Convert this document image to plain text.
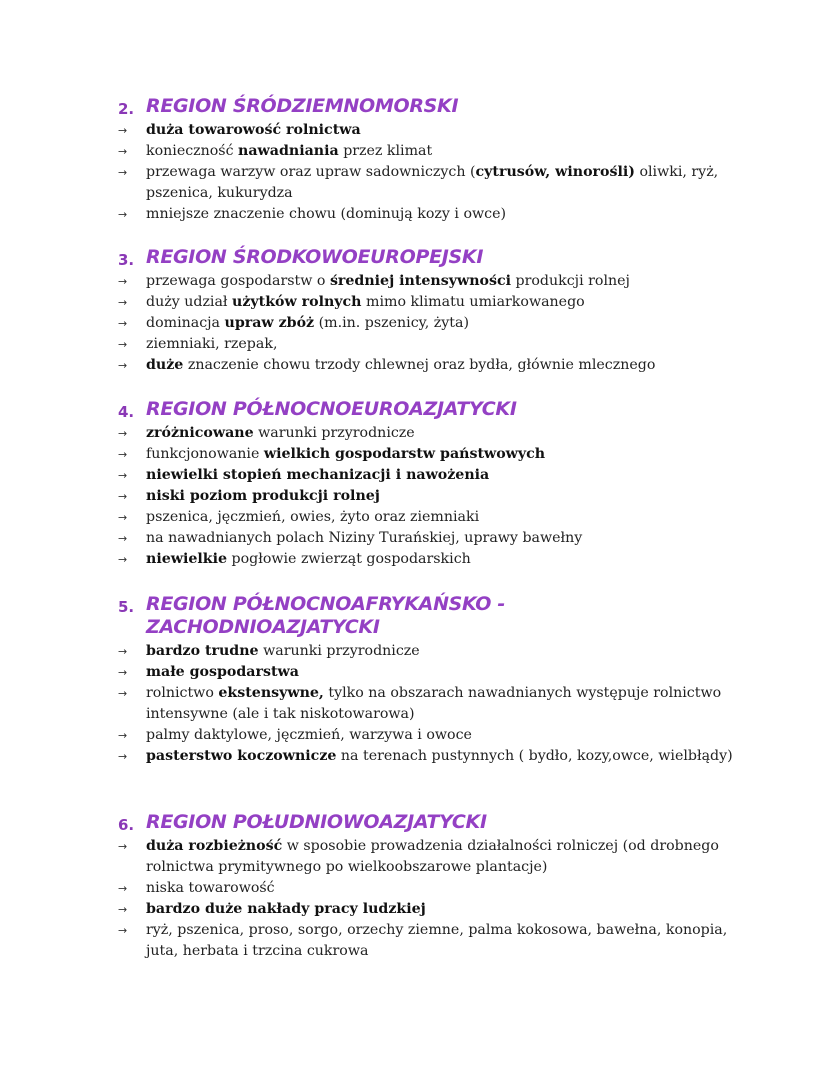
2. REGION ŚRÓDZIEMNOMORSKI
→	duża towarowość rolnictwa
→	konieczność nawadniania przez klimat
→	przewaga warzyw oraz upraw sadowniczych (cytrusów, winorośli) oliwki, ryż, pszenica, kukurydza
→	mniejsze znaczenie chowu (dominują kozy i owce)
3. REGION ŚRODKOWOEUROPEJSKI
→	przewaga gospodarstw o średniej intensywności produkcji rolnej
→	duży udział użytków rolnych mimo klimatu umiarkowanego
→	dominacja upraw zbóż (m.in. pszenicy, żyta)
→	ziemniaki, rzepak,
→	duże znaczenie chowu trzody chlewnej oraz bydła, głównie mlecznego
4. REGION PÓŁNOCNOEUROAZJATYCKI
→	zróżnicowane warunki przyrodnicze
→	funkcjonowanie wielkich gospodarstw państwowych
→	niewielki stopień mechanizacji i nawożenia
→	niski poziom produkcji rolnej
→	pszenica, jęczmień, owies, żyto oraz ziemniaki
→	na nawadnianych polach Niziny Turańskiej, uprawy bawełny
→	niewielkie pogłowie zwierząt gospodarskich
5. REGION PÓŁNOCNOAFRYKAŃSKO - ZACHODNIOAZJATYCKI
→	bardzo trudne warunki przyrodnicze
→	małe gospodarstwa
→	rolnictwo ekstensywne, tylko na obszarach nawadnianych występuje rolnictwo intensywne (ale i tak niskotowarowa)
→	palmy daktylowe, jęczmień, warzywa i owoce
→	pasterstwo koczownicze na terenach pustynnych ( bydło, kozy,owce, wielbłądy)
6. REGION POŁUDNIOWOAZJATYCKI
→	duża rozbieżność w sposobie prowadzenia działalności rolniczej (od drobnego rolnictwa prymitywnego po wielkoobszarowe plantacje)
→	niska towarowość
→	bardzo duże nakłady pracy ludzkiej
→	ryż, pszenica, proso, sorgo, orzechy ziemne, palma kokosowa, bawełna, konopia, juta, herbata i trzcina cukrowa
